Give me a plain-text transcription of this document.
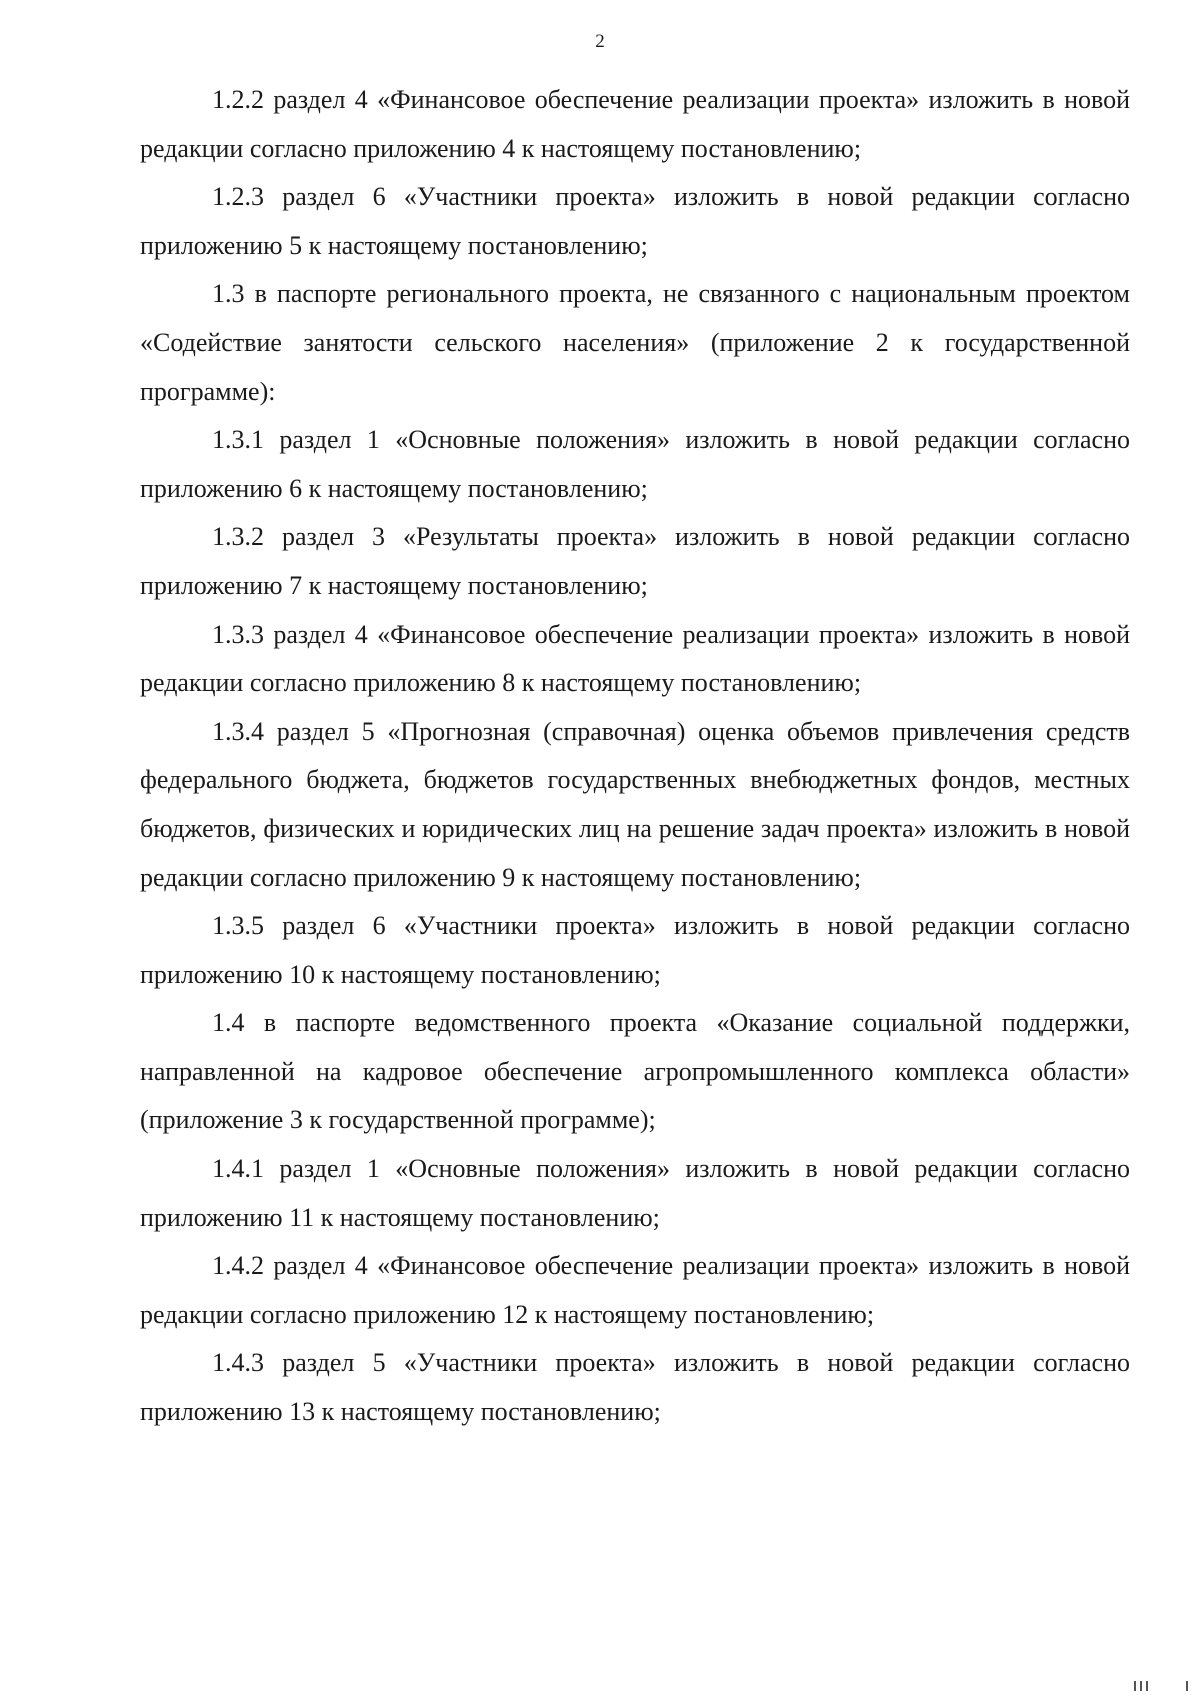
2

1.2.2 раздел 4 «Финансовое обеспечение реализации проекта» изложить в новой редакции согласно приложению 4 к настоящему постановлению;

1.2.3 раздел 6 «Участники проекта» изложить в новой редакции согласно приложению 5 к настоящему постановлению;

1.3 в паспорте регионального проекта, не связанного с национальным проектом «Содействие занятости сельского населения» (приложение 2 к государственной программе):

1.3.1 раздел 1 «Основные положения» изложить в новой редакции согласно приложению 6 к настоящему постановлению;

1.3.2 раздел 3 «Результаты проекта» изложить в новой редакции согласно приложению 7 к настоящему постановлению;

1.3.3 раздел 4 «Финансовое обеспечение реализации проекта» изложить в новой редакции согласно приложению 8 к настоящему постановлению;

1.3.4 раздел 5 «Прогнозная (справочная) оценка объемов привлечения средств федерального бюджета, бюджетов государственных внебюджетных фондов, местных бюджетов, физических и юридических лиц на решение задач проекта» изложить в новой редакции согласно приложению 9 к настоящему постановлению;

1.3.5 раздел 6 «Участники проекта» изложить в новой редакции согласно приложению 10 к настоящему постановлению;

1.4 в паспорте ведомственного проекта «Оказание социальной поддержки, направленной на кадровое обеспечение агропромышленного комплекса области» (приложение 3 к государственной программе);

1.4.1 раздел 1 «Основные положения» изложить в новой редакции согласно приложению 11 к настоящему постановлению;

1.4.2 раздел 4 «Финансовое обеспечение реализации проекта» изложить в новой редакции согласно приложению 12 к настоящему постановлению;

1.4.3 раздел 5 «Участники проекта» изложить в новой редакции согласно приложению 13 к настоящему постановлению;
